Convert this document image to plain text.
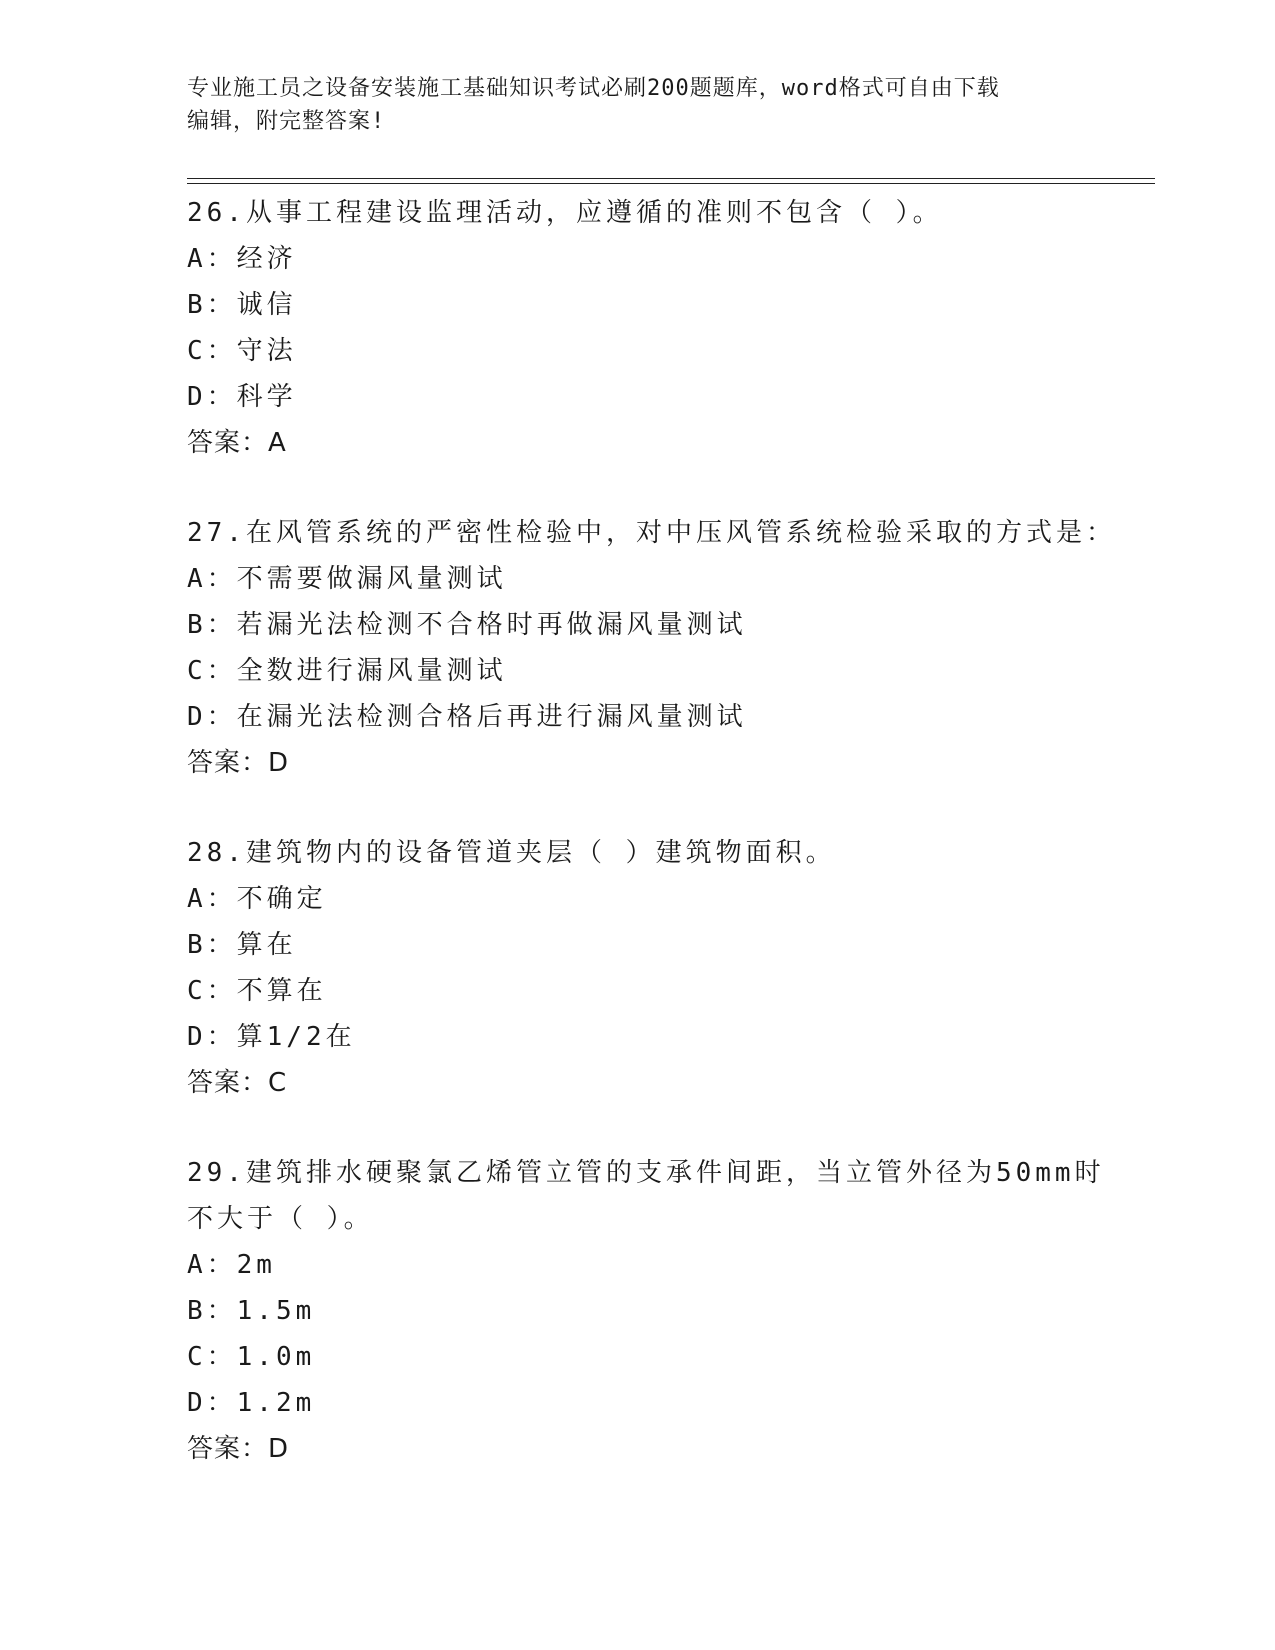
专业施工员之设备安装施工基础知识考试必刷200题题库，word格式可自由下载
编辑，附完整答案!
26.从事工程建设监理活动，应遵循的准则不包含（ ）。
A：经济
B：诚信
C：守法
D：科学
答案：A
27.在风管系统的严密性检验中，对中压风管系统检验采取的方式是：
A：不需要做漏风量测试
B：若漏光法检测不合格时再做漏风量测试
C：全数进行漏风量测试
D：在漏光法检测合格后再进行漏风量测试
答案：D
28.建筑物内的设备管道夹层（ ）建筑物面积。
A：不确定
B：算在
C：不算在
D：算1/2在
答案：C
29.建筑排水硬聚氯乙烯管立管的支承件间距，当立管外径为50mm时
不大于（ ）。
A：2m
B：1.5m
C：1.0m
D：1.2m
答案：D
